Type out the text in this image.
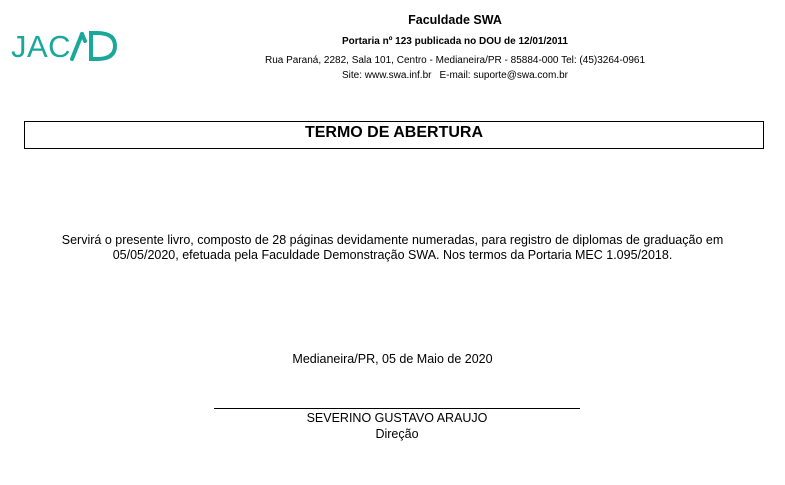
JAC
Faculdade SWA
Portaria nº 123 publicada no DOU de 12/01/2011
Rua Paraná, 2282, Sala 101, Centro - Medianeira/PR - 85884-000 Tel: (45)3264-0961
Site: www.swa.inf.br E-mail: suporte@swa.com.br
TERMO DE ABERTURA
Servirá o presente livro, composto de 28 páginas devidamente numeradas, para registro de diplomas de graduação em
05/05/2020, efetuada pela Faculdade Demonstração SWA. Nos termos da Portaria MEC 1.095/2018.
Medianeira/PR, 05 de Maio de 2020
SEVERINO GUSTAVO ARAUJO
Direção
